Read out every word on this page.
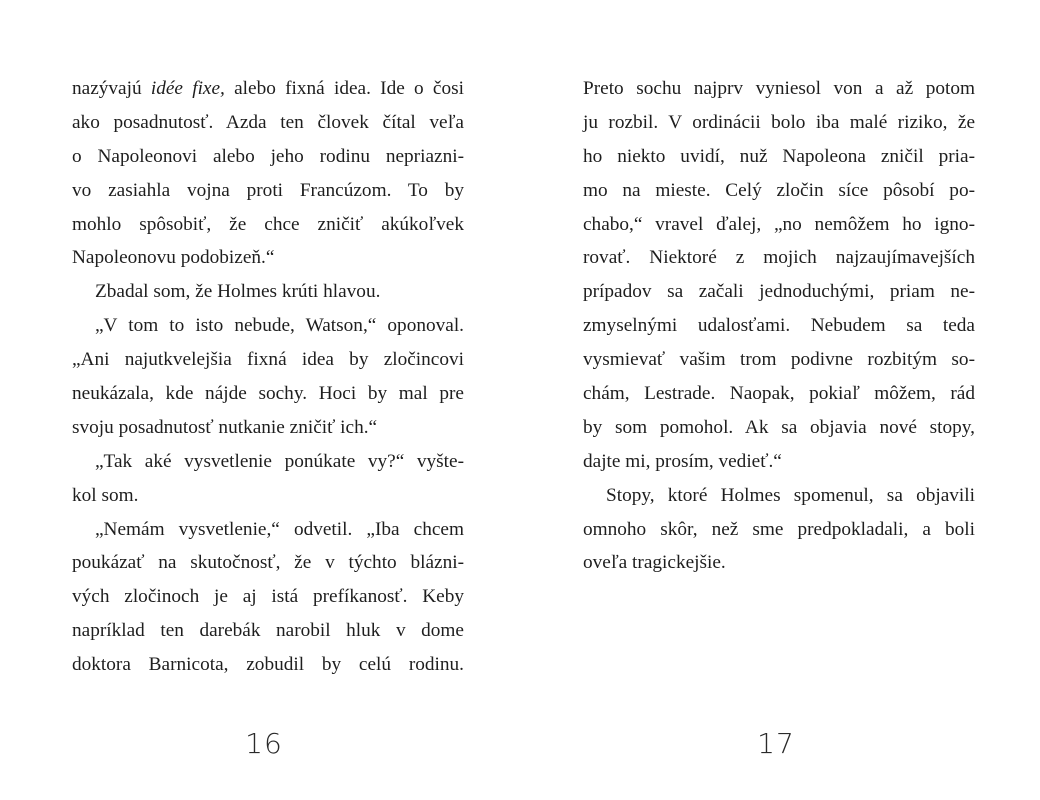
nazývajú idée fixe, alebo fixná idea. Ide o čosi
ako posadnutosť. Azda ten človek čítal veľa
o Napoleonovi alebo jeho rodinu nepriazni-
vo zasiahla vojna proti Francúzom. To by
mohlo spôsobiť, že chce zničiť akúkoľvek
Napoleonovu podobizeň.“
Zbadal som, že Holmes krúti hlavou.
„V tom to isto nebude, Watson,“ oponoval.
„Ani najutkvelejšia fixná idea by zločincovi
neukázala, kde nájde sochy. Hoci by mal pre
svoju posadnutosť nutkanie zničiť ich.“
„Tak aké vysvetlenie ponúkate vy?“ vyšte-
kol som.
„Nemám vysvetlenie,“ odvetil. „Iba chcem
poukázať na skutočnosť, že v týchto blázni-
vých zločinoch je aj istá prefíkanosť. Keby
napríklad ten darebák narobil hluk v dome
doktora Barnicota, zobudil by celú rodinu.
16
Preto sochu najprv vyniesol von a až potom
ju rozbil. V ordinácii bolo iba malé riziko, že
ho niekto uvidí, nuž Napoleona zničil pria-
mo na mieste. Celý zločin síce pôsobí po-
chabo,“ vravel ďalej, „no nemôžem ho igno-
rovať. Niektoré z mojich najzaujímavejších
prípadov sa začali jednoduchými, priam ne-
zmyselnými udalosťami. Nebudem sa teda
vysmievať vašim trom podivne rozbitým so-
chám, Lestrade. Naopak, pokiaľ môžem, rád
by som pomohol. Ak sa objavia nové stopy,
dajte mi, prosím, vedieť.“
Stopy, ktoré Holmes spomenul, sa objavili
omnoho skôr, než sme predpokladali, a boli
oveľa tragickejšie.
17
